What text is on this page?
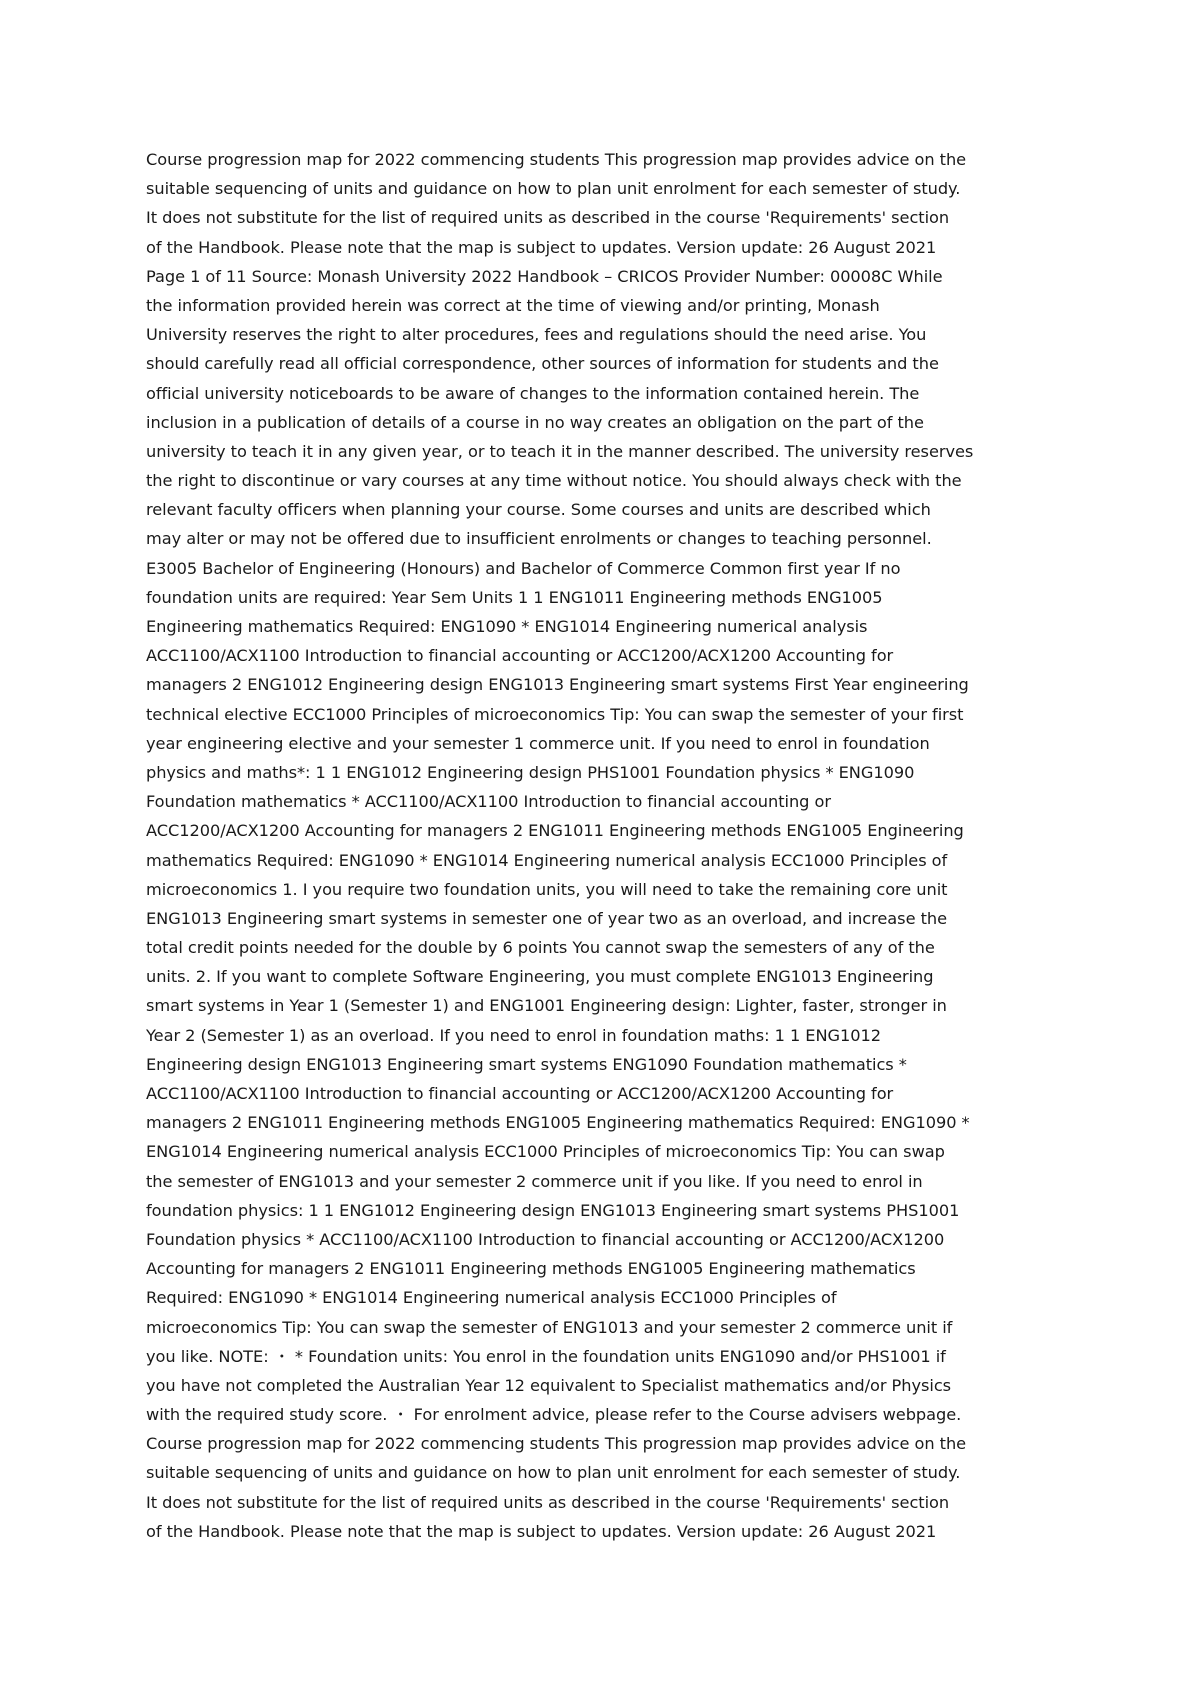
Course progression map for 2022 commencing students This progression map provides advice on the
suitable sequencing of units and guidance on how to plan unit enrolment for each semester of study.
It does not substitute for the list of required units as described in the course 'Requirements' section
of the Handbook. Please note that the map is subject to updates. Version update: 26 August 2021
Page 1 of 11 Source: Monash University 2022 Handbook – CRICOS Provider Number: 00008C While
the information provided herein was correct at the time of viewing and/or printing, Monash
University reserves the right to alter procedures, fees and regulations should the need arise. You
should carefully read all official correspondence, other sources of information for students and the
official university noticeboards to be aware of changes to the information contained herein. The
inclusion in a publication of details of a course in no way creates an obligation on the part of the
university to teach it in any given year, or to teach it in the manner described. The university reserves
the right to discontinue or vary courses at any time without notice. You should always check with the
relevant faculty officers when planning your course. Some courses and units are described which
may alter or may not be offered due to insufficient enrolments or changes to teaching personnel.
E3005 Bachelor of Engineering (Honours) and Bachelor of Commerce Common first year If no
foundation units are required: Year Sem Units 1 1 ENG1011 Engineering methods ENG1005
Engineering mathematics Required: ENG1090 * ENG1014 Engineering numerical analysis
ACC1100/ACX1100 Introduction to financial accounting or ACC1200/ACX1200 Accounting for
managers 2 ENG1012 Engineering design ENG1013 Engineering smart systems First Year engineering
technical elective ECC1000 Principles of microeconomics Tip: You can swap the semester of your first
year engineering elective and your semester 1 commerce unit. If you need to enrol in foundation
physics and maths*: 1 1 ENG1012 Engineering design PHS1001 Foundation physics * ENG1090
Foundation mathematics * ACC1100/ACX1100 Introduction to financial accounting or
ACC1200/ACX1200 Accounting for managers 2 ENG1011 Engineering methods ENG1005 Engineering
mathematics Required: ENG1090 * ENG1014 Engineering numerical analysis ECC1000 Principles of
microeconomics 1. I you require two foundation units, you will need to take the remaining core unit
ENG1013 Engineering smart systems in semester one of year two as an overload, and increase the
total credit points needed for the double by 6 points You cannot swap the semesters of any of the
units. 2. If you want to complete Software Engineering, you must complete ENG1013 Engineering
smart systems in Year 1 (Semester 1) and ENG1001 Engineering design: Lighter, faster, stronger in
Year 2 (Semester 1) as an overload. If you need to enrol in foundation maths: 1 1 ENG1012
Engineering design ENG1013 Engineering smart systems ENG1090 Foundation mathematics *
ACC1100/ACX1100 Introduction to financial accounting or ACC1200/ACX1200 Accounting for
managers 2 ENG1011 Engineering methods ENG1005 Engineering mathematics Required: ENG1090 *
ENG1014 Engineering numerical analysis ECC1000 Principles of microeconomics Tip: You can swap
the semester of ENG1013 and your semester 2 commerce unit if you like. If you need to enrol in
foundation physics: 1 1 ENG1012 Engineering design ENG1013 Engineering smart systems PHS1001
Foundation physics * ACC1100/ACX1100 Introduction to financial accounting or ACC1200/ACX1200
Accounting for managers 2 ENG1011 Engineering methods ENG1005 Engineering mathematics
Required: ENG1090 * ENG1014 Engineering numerical analysis ECC1000 Principles of
microeconomics Tip: You can swap the semester of ENG1013 and your semester 2 commerce unit if
you like. NOTE: ・ * Foundation units: You enrol in the foundation units ENG1090 and/or PHS1001 if
you have not completed the Australian Year 12 equivalent to Specialist mathematics and/or Physics
with the required study score. ・ For enrolment advice, please refer to the Course advisers webpage.
Course progression map for 2022 commencing students This progression map provides advice on the
suitable sequencing of units and guidance on how to plan unit enrolment for each semester of study.
It does not substitute for the list of required units as described in the course 'Requirements' section
of the Handbook. Please note that the map is subject to updates. Version update: 26 August 2021
